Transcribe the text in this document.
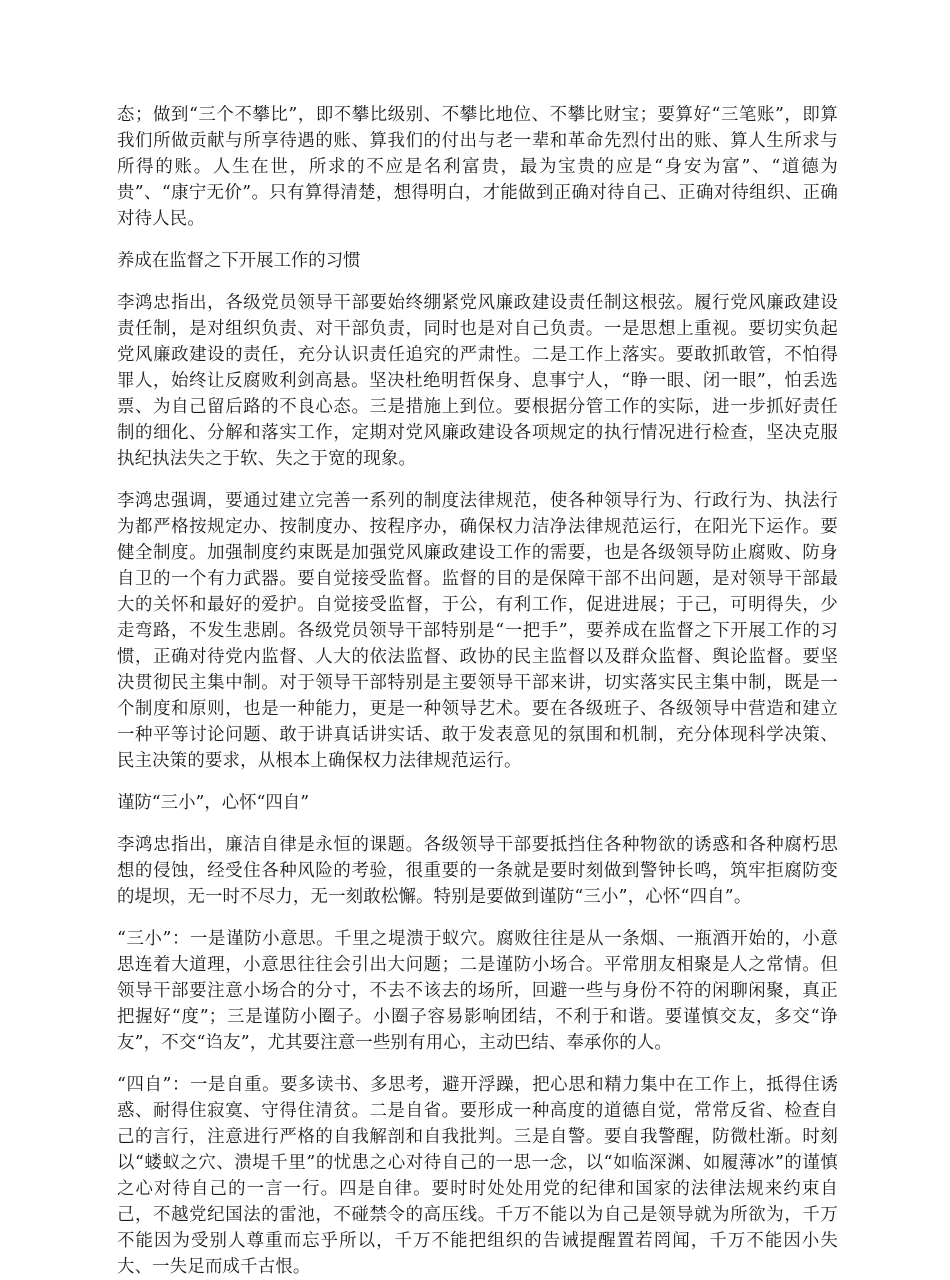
态；做到“三个不攀比”，即不攀比级别、不攀比地位、不攀比财宝；要算好“三笔账”，即算我们所做贡献与所享待遇的账、算我们的付出与老一辈和革命先烈付出的账、算人生所求与所得的账。人生在世，所求的不应是名利富贵，最为宝贵的应是“身安为富”、“道德为贵”、“康宁无价”。只有算得清楚，想得明白，才能做到正确对待自己、正确对待组织、正确对待人民。

养成在监督之下开展工作的习惯

李鸿忠指出，各级党员领导干部要始终绷紧党风廉政建设责任制这根弦。履行党风廉政建设责任制，是对组织负责、对干部负责，同时也是对自己负责。一是思想上重视。要切实负起党风廉政建设的责任，充分认识责任追究的严肃性。二是工作上落实。要敢抓敢管，不怕得罪人，始终让反腐败利剑高悬。坚决杜绝明哲保身、息事宁人，“睁一眼、闭一眼”，怕丢选票、为自己留后路的不良心态。三是措施上到位。要根据分管工作的实际，进一步抓好责任制的细化、分解和落实工作，定期对党风廉政建设各项规定的执行情况进行检查，坚决克服执纪执法失之于软、失之于宽的现象。

李鸿忠强调，要通过建立完善一系列的制度法律规范，使各种领导行为、行政行为、执法行为都严格按规定办、按制度办、按程序办，确保权力洁净法律规范运行，在阳光下运作。要健全制度。加强制度约束既是加强党风廉政建设工作的需要，也是各级领导防止腐败、防身自卫的一个有力武器。要自觉接受监督。监督的目的是保障干部不出问题，是对领导干部最大的关怀和最好的爱护。自觉接受监督，于公，有利工作，促进进展；于己，可明得失，少走弯路，不发生悲剧。各级党员领导干部特别是“一把手”，要养成在监督之下开展工作的习惯，正确对待党内监督、人大的依法监督、政协的民主监督以及群众监督、舆论监督。要坚决贯彻民主集中制。对于领导干部特别是主要领导干部来讲，切实落实民主集中制，既是一个制度和原则，也是一种能力，更是一种领导艺术。要在各级班子、各级领导中营造和建立一种平等讨论问题、敢于讲真话讲实话、敢于发表意见的氛围和机制，充分体现科学决策、民主决策的要求，从根本上确保权力法律规范运行。

谨防“三小”，心怀“四自”

李鸿忠指出，廉洁自律是永恒的课题。各级领导干部要抵挡住各种物欲的诱惑和各种腐朽思想的侵蚀，经受住各种风险的考验，很重要的一条就是要时刻做到警钟长鸣，筑牢拒腐防变的堤坝，无一时不尽力，无一刻敢松懈。特别是要做到谨防“三小”，心怀“四自”。

“三小”：一是谨防小意思。千里之堤溃于蚁穴。腐败往往是从一条烟、一瓶酒开始的，小意思连着大道理，小意思往往会引出大问题；二是谨防小场合。平常朋友相聚是人之常情。但领导干部要注意小场合的分寸，不去不该去的场所，回避一些与身份不符的闲聊闲聚，真正把握好“度”；三是谨防小圈子。小圈子容易影响团结，不利于和谐。要谨慎交友，多交“诤友”，不交“诌友”，尤其要注意一些别有用心，主动巴结、奉承你的人。

“四自”：一是自重。要多读书、多思考，避开浮躁，把心思和精力集中在工作上，抵得住诱惑、耐得住寂寞、守得住清贫。二是自省。要形成一种高度的道德自觉，常常反省、检查自己的言行，注意进行严格的自我解剖和自我批判。三是自警。要自我警醒，防微杜渐。时刻以“蝼蚁之穴、溃堤千里”的忧患之心对待自己的一思一念，以“如临深渊、如履薄冰”的谨慎之心对待自己的一言一行。四是自律。要时时处处用党的纪律和国家的法律法规来约束自己，不越党纪国法的雷池，不碰禁令的高压线。千万不能以为自己是领导就为所欲为，千万不能因为受别人尊重而忘乎所以，千万不能把组织的告诫提醒置若罔闻，千万不能因小失大、一失足而成千古恨。
